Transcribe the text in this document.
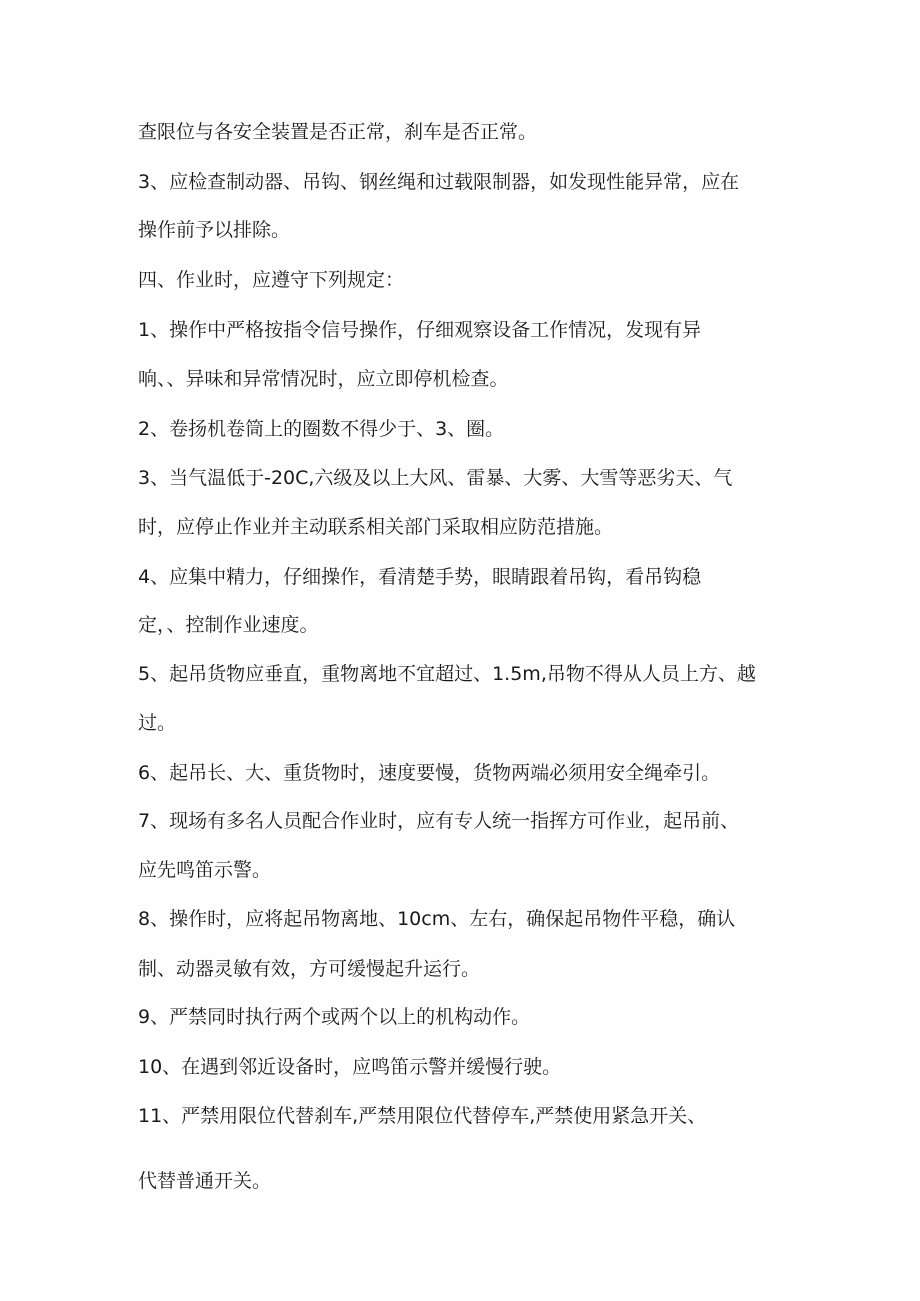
查限位与各安全装置是否正常，刹车是否正常。
3、应检查制动器、吊钩、钢丝绳和过载限制器，如发现性能异常，应在
操作前予以排除。
四、作业时，应遵守下列规定：
1、操作中严格按指令信号操作，仔细观察设备工作情况，发现有异
响、、异味和异常情况时，应立即停机检查。
2、卷扬机卷筒上的圈数不得少于、3、圈。
3、当气温低于-20C,六级及以上大风、雷暴、大雾、大雪等恶劣天、气
时，应停止作业并主动联系相关部门采取相应防范措施。
4、应集中精力，仔细操作，看清楚手势，眼睛跟着吊钩，看吊钩稳
定，、控制作业速度。
5、起吊货物应垂直，重物离地不宜超过、1.5m,吊物不得从人员上方、越
过。
6、起吊长、大、重货物时，速度要慢，货物两端必须用安全绳牵引。
7、现场有多名人员配合作业时，应有专人统一指挥方可作业，起吊前、
应先鸣笛示警。
8、操作时，应将起吊物离地、10cm、左右，确保起吊物件平稳，确认
制、动器灵敏有效，方可缓慢起升运行。
9、严禁同时执行两个或两个以上的机构动作。
10、在遇到邻近设备时，应鸣笛示警并缓慢行驶。
11、严禁用限位代替刹车,严禁用限位代替停车,严禁使用紧急开关、
代替普通开关。
